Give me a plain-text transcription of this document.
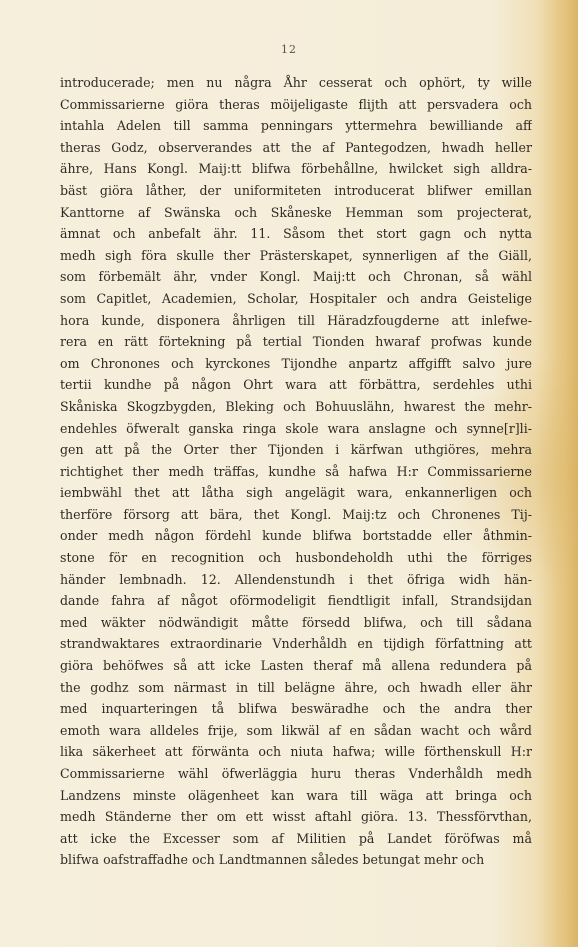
12
introducerade; men nu några Åhr cesserat och ophört, ty wille
Commissarierne giöra theras möijeligaste flijth att persvadera och
intahla Adelen till samma penningars yttermehra bewilliande aff
theras Godz, observerandes att the af Pantegodzen, hwadh heller
ähre, Hans Kongl. Maij:tt blifwa förbehållne, hwilcket sigh alldra-
bäst giöra låther, der uniformiteten introducerat blifwer emillan
Kanttorne af Swänska och Skåneske Hemman som projecterat,
ämnat och anbefalt ähr. 11. Såsom thet stort gagn och nytta
medh sigh föra skulle ther Prästerskapet, synnerligen af the Giäll,
som förbemält ähr, vnder Kongl. Maij:tt och Chronan, så wähl
som Capitlet, Academien, Scholar, Hospitaler och andra Geistelige
hora kunde, disponera åhrligen till Häradzfougderne att inlefwe-
rera en rätt förtekning på tertial Tionden hwaraf profwas kunde
om Chronones och kyrckones Tijondhe anpartz affgifft salvo jure
tertii kundhe på någon Ohrt wara att förbättra, serdehles uthi
Skåniska Skogzbygden, Bleking och Bohuuslähn, hwarest the mehr-
endehles öfweralt ganska ringa skole wara anslagne och synne[r]li-
gen att på the Orter ther Tijonden i kärfwan uthgiöres, mehra
richtighet ther medh träffas, kundhe så hafwa H:r Commissarierne
iembwähl thet att låtha sigh angelägit wara, enkannerligen och
therföre försorg att bära, thet Kongl. Maij:tz och Chronenes Tij-
onder medh någon fördehl kunde blifwa bortstadde eller åthmin-
stone för en recognition och husbondeholdh uthi the förriges
händer lembnadh. 12. Allendenstundh i thet öfriga widh hän-
dande fahra af något oförmodeligit fiendtligit infall, Strandsijdan
med wäkter nödwändigit måtte försedd blifwa, och till sådana
strandwaktares extraordinarie Vnderhåldh en tijdigh författning att
giöra behöfwes så att icke Lasten theraf må allena redundera på
the godhz som närmast in till belägne ähre, och hwadh eller ähr
med inquarteringen tå blifwa beswäradhe och the andra ther
emoth wara alldeles frije, som likwäl af en sådan wacht och wård
lika säkerheet att förwänta och niuta hafwa; wille förthenskull H:r
Commissarierne wähl öfwerläggia huru theras Vnderhåldh medh
Landzens minste olägenheet kan wara till wäga att bringa och
medh Ständerne ther om ett wisst aftahl giöra. 13. Thessförvthan,
att icke the Excesser som af Militien på Landet föröfwas må
blifwa oafstraffadhe och Landtmannen således betungat mehr och
